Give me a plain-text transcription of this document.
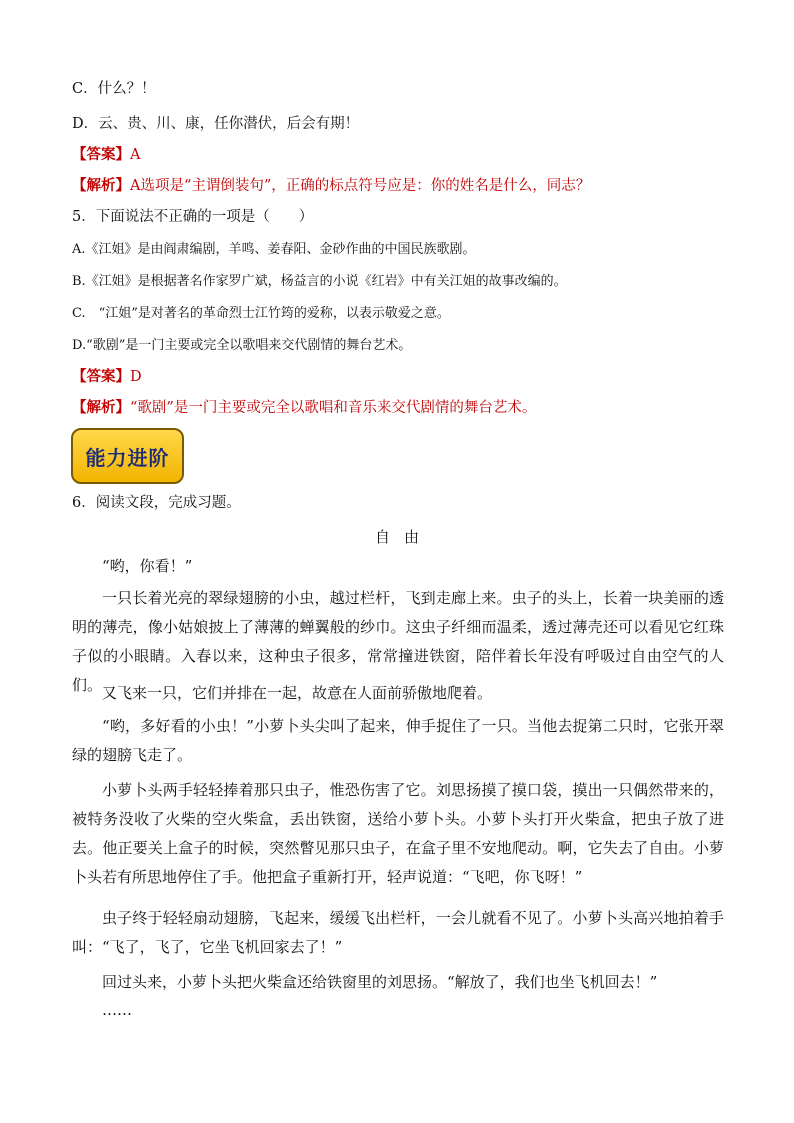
C．什么？！
D．云、贵、川、康，任你潜伏，后会有期！
【答案】A
【解析】A选项是“主谓倒装句”，正确的标点符号应是：你的姓名是什么，同志？
5．下面说法不正确的一项是（　　）
A.《江姐》是由阎肃编剧，羊鸣、姜春阳、金砂作曲的中国民族歌剧。
B.《江姐》是根据著名作家罗广斌，杨益言的小说《红岩》中有关江姐的故事改编的。
C.　“江姐”是对著名的革命烈士江竹筠的爱称，以表示敬爱之意。
D.“歌剧”是一门主要或完全以歌唱来交代剧情的舞台艺术。
【答案】D
【解析】“歌剧”是一门主要或完全以歌唱和音乐来交代剧情的舞台艺术。
能力进阶
6．阅读文段，完成习题。
自由
“哟，你看！”
一只长着光亮的翠绿翅膀的小虫，越过栏杆，飞到走廊上来。虫子的头上，长着一块美丽的透明的薄壳，像小姑娘披上了薄薄的蝉翼般的纱巾。这虫子纤细而温柔，透过薄壳还可以看见它红珠子似的小眼睛。入春以来，这种虫子很多，常常撞进铁窗，陪伴着长年没有呼吸过自由空气的人们。 又飞来一只，它们并排在一起，故意在人面前骄傲地爬着。
“哟，多好看的小虫！”小萝卜头尖叫了起来，伸手捉住了一只。当他去捉第二只时，它张开翠绿的翅膀飞走了。
小萝卜头两手轻轻捧着那只虫子，惟恐伤害了它。刘思扬摸了摸口袋，摸出一只偶然带来的，被特务没收了火柴的空火柴盒，丢出铁窗，送给小萝卜头。小萝卜头打开火柴盒，把虫子放了进去。他正要关上盒子的时候，突然瞥见那只虫子，在盒子里不安地爬动。啊，它失去了自由。小萝卜头若有所思地停住了手。他把盒子重新打开，轻声说道：“飞吧，你飞呀！”
虫子终于轻轻扇动翅膀，飞起来，缓缓飞出栏杆，一会儿就看不见了。小萝卜头高兴地拍着手叫：“飞了，飞了，它坐飞机回家去了！”
回过头来，小萝卜头把火柴盒还给铁窗里的刘思扬。“解放了，我们也坐飞机回去！”
……
